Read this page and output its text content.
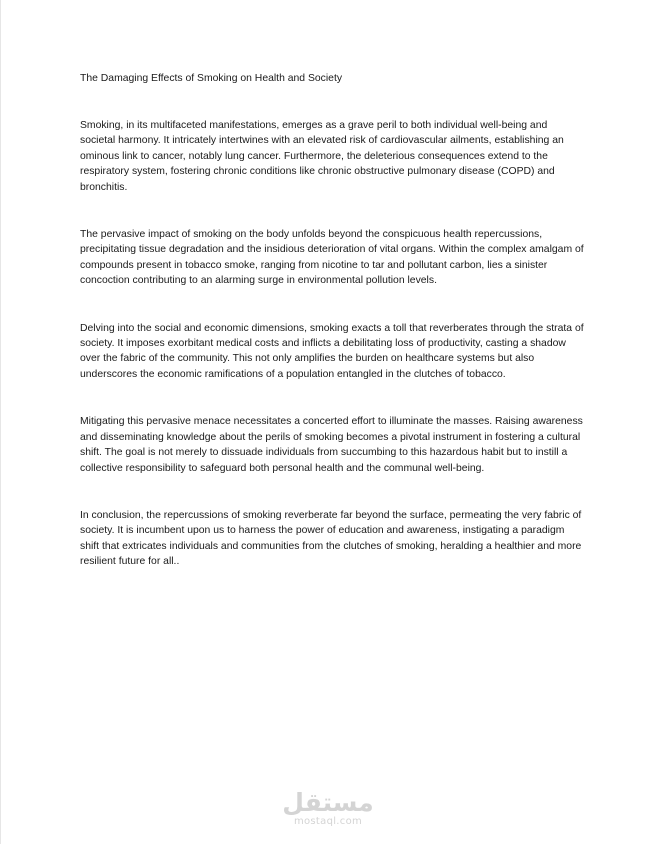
The Damaging Effects of Smoking on Health and Society
Smoking, in its multifaceted manifestations, emerges as a grave peril to both individual well-being and societal harmony. It intricately intertwines with an elevated risk of cardiovascular ailments, establishing an ominous link to cancer, notably lung cancer. Furthermore, the deleterious consequences extend to the respiratory system, fostering chronic conditions like chronic obstructive pulmonary disease (COPD) and bronchitis.
The pervasive impact of smoking on the body unfolds beyond the conspicuous health repercussions, precipitating tissue degradation and the insidious deterioration of vital organs. Within the complex amalgam of compounds present in tobacco smoke, ranging from nicotine to tar and pollutant carbon, lies a sinister concoction contributing to an alarming surge in environmental pollution levels.
Delving into the social and economic dimensions, smoking exacts a toll that reverberates through the strata of society. It imposes exorbitant medical costs and inflicts a debilitating loss of productivity, casting a shadow over the fabric of the community. This not only amplifies the burden on healthcare systems but also underscores the economic ramifications of a population entangled in the clutches of tobacco.
Mitigating this pervasive menace necessitates a concerted effort to illuminate the masses. Raising awareness and disseminating knowledge about the perils of smoking becomes a pivotal instrument in fostering a cultural shift. The goal is not merely to dissuade individuals from succumbing to this hazardous habit but to instill a collective responsibility to safeguard both personal health and the communal well-being.
In conclusion, the repercussions of smoking reverberate far beyond the surface, permeating the very fabric of society. It is incumbent upon us to harness the power of education and awareness, instigating a paradigm shift that extricates individuals and communities from the clutches of smoking, heralding a healthier and more resilient future for all..
مستقل
mostaql.com
